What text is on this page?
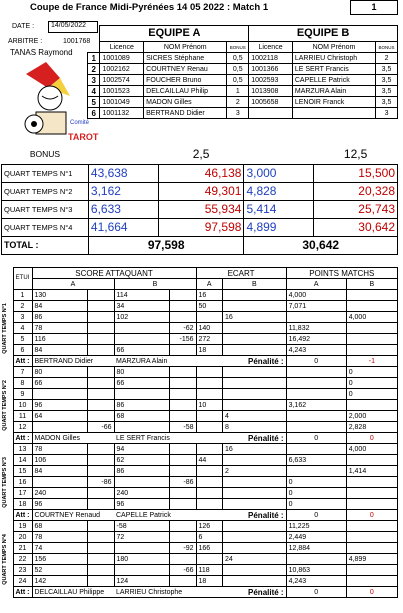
Coupe de France Midi-Pyrénées 14 05 2022 : Match 1	1
DATE :	14/05/2022
ARBITRE :	1001768
TANAS Raymond
Comité
TAROT
	EQUIPE A			EQUIPE B		
	Licence	NOM Prénom	BONUS	Licence	NOM Prénom	BONUS
1	1001089	SICRES Stéphane	0,5	1002118	LARRIEU Christoph	2
2	1002162	COURTNEY Renau	0,5	1001366	LE SERT Francis	3,5
3	1002574	FOUCHER Bruno	0,5	1002593	CAPELLE Patrick	3,5
4	1001523	DELCAILLAU Philip	1	1013908	MARZURA Alain	3,5
5	1001049	MADON Gilles	2	1005658	LENOIR Franck	3,5
6	1001132	BERTRAND Didier	3			3
BONUS		2,5		12,5
QUART TEMPS N°1	43,638	46,138	3,000	15,500
QUART TEMPS N°2	3,162	49,301	4,828	20,328
QUART TEMPS N°3	6,633	55,934	5,414	25,743
QUART TEMPS N°4	41,664	97,598	4,899	30,642
TOTAL :	97,598		30,642	
	ETUI	SCORE ATTAQUANT				ECART		POINTS MATCHS	
		A		B		A	B	A	B

QUART TEMPS N°1	1	130		114		16		4,000	
	2	84		34		50		7,071	
	3	86		102			16		4,000
	4	78			-62	140		11,832	
	5	116			-156	272		16,492	
	6	84		66		18		4,243	
	Att :	BERTRAND Didier		MARZURA Alain			Pénalité :	0	-1

QUART TEMPS N°2	7	80		80					0
	8	66		66					0
	9								0
	10	96		86		10		3,162	
	11	64		68			4		2,000
	12		-66		-58		8		2,828
	Att :	MADON Gilles		LE SERT Francis			Pénalité :	0	0

QUART TEMPS N°3	13	78		94			16		4,000
	14	106		62		44		6,633	
	15	84		86			2		1,414
	16		-86		-86			0	
	17	240		240				0	
	18	96		96				0	
	Att :	COURTNEY Renaud		CAPELLE Patrick			Pénalité :	0	0

QUART TEMPS N°4	19	68		-58		126		11,225	
	20	78		72		6		2,449	
	21	74			-92	166		12,884	
	22	156		180			24		4,899
	23	52			-66	118		10,863	
	24	142		124		18		4,243	
	Att :	DELCAILLAU Philippe		LARRIEU Christophe			Pénalité :	0	0
